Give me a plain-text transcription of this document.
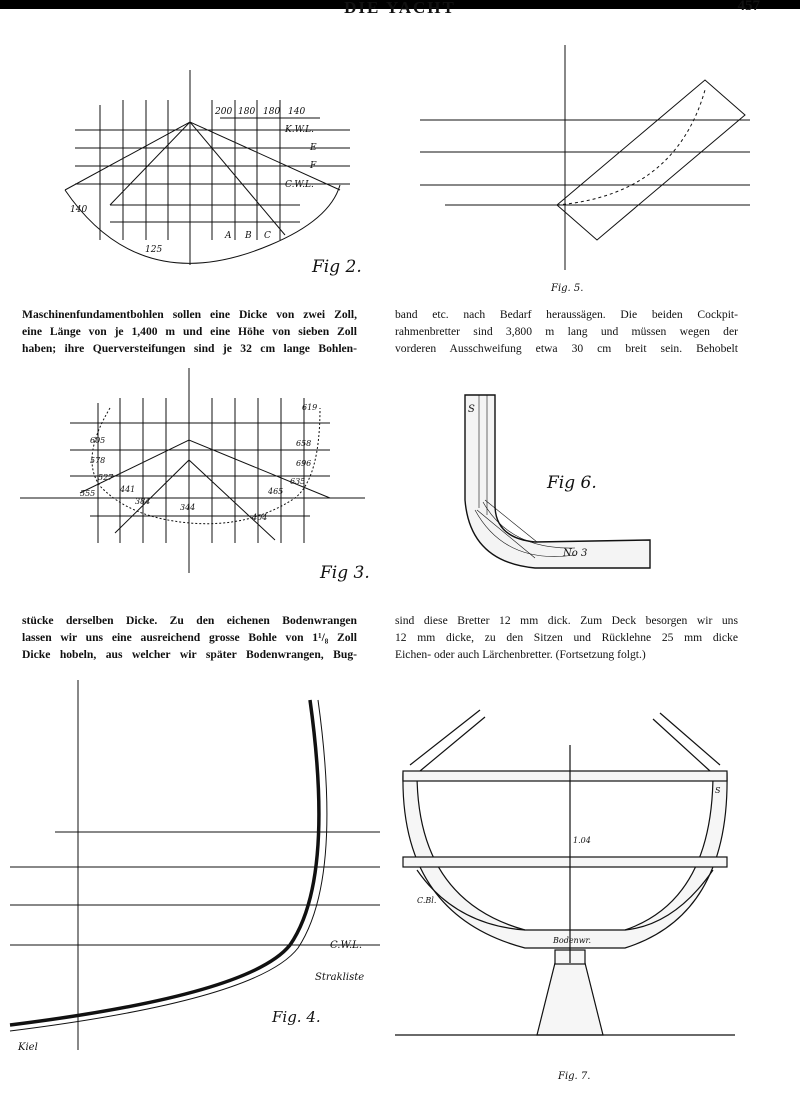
DIE YACHT	457
200 180 180 140
K.W.L.
E
F
C.W.L.
A B C
140
125
Fig 2.
Fig. 5.
Maschinenfundamentbohlen sollen eine Dicke von zwei Zoll,
eine Länge von je 1,400 m und eine Höhe von sieben Zoll
haben; ihre Querversteifungen sind je 32 cm lange Bohlen-
band etc. nach Bedarf heraussägen. Die beiden Cockpit-
rahmenbretter sind 3,800 m lang und müssen wegen der
vorderen Ausschweifung etwa 30 cm breit sein. Behobelt
605
578
527
555	441
384
344
619
658
696
635
465
404
Fig 3.
S
No 3
Fig 6.
stücke derselben Dicke. Zu den eichenen Bodenwrangen
lassen wir uns eine ausreichend grosse Bohle von 1¹/₈ Zoll
Dicke hobeln, aus welcher wir später Bodenwrangen, Bug-
sind diese Bretter 12 mm dick. Zum Deck besorgen wir uns
12 mm dicke, zu den Sitzen und Rücklehne 25 mm dicke
Eichen- oder auch Lärchenbretter. (Fortsetzung folgt.)
C.W.L.
Strakliste
Kiel
Fig. 4.
S
1.04
C.Bl.
Bodenwr.
Fig. 7.
